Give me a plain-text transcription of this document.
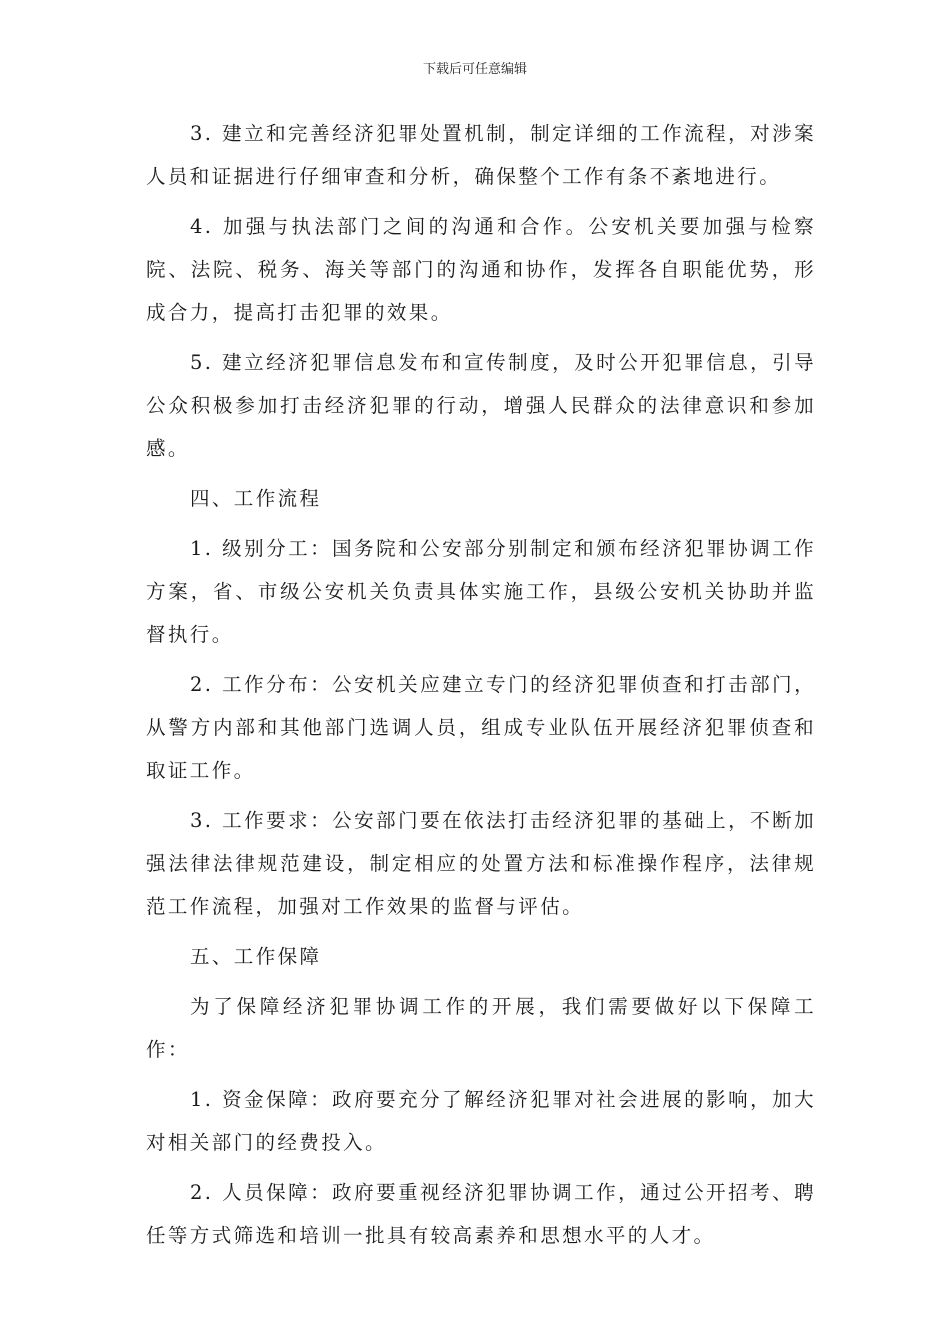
下载后可任意编辑

3. 建立和完善经济犯罪处置机制，制定详细的工作流程，对涉案人员和证据进行仔细审查和分析，确保整个工作有条不紊地进行。

4. 加强与执法部门之间的沟通和合作。公安机关要加强与检察院、法院、税务、海关等部门的沟通和协作，发挥各自职能优势，形成合力，提高打击犯罪的效果。

5. 建立经济犯罪信息发布和宣传制度，及时公开犯罪信息，引导公众积极参加打击经济犯罪的行动，增强人民群众的法律意识和参加感。

四、工作流程

1. 级别分工：国务院和公安部分别制定和颁布经济犯罪协调工作方案，省、市级公安机关负责具体实施工作，县级公安机关协助并监督执行。

2. 工作分布：公安机关应建立专门的经济犯罪侦查和打击部门，从警方内部和其他部门选调人员，组成专业队伍开展经济犯罪侦查和取证工作。

3. 工作要求：公安部门要在依法打击经济犯罪的基础上，不断加强法律法律规范建设，制定相应的处置方法和标准操作程序，法律规范工作流程，加强对工作效果的监督与评估。

五、工作保障

为了保障经济犯罪协调工作的开展，我们需要做好以下保障工作：

1. 资金保障：政府要充分了解经济犯罪对社会进展的影响，加大对相关部门的经费投入。

2. 人员保障：政府要重视经济犯罪协调工作，通过公开招考、聘任等方式筛选和培训一批具有较高素养和思想水平的人才。
